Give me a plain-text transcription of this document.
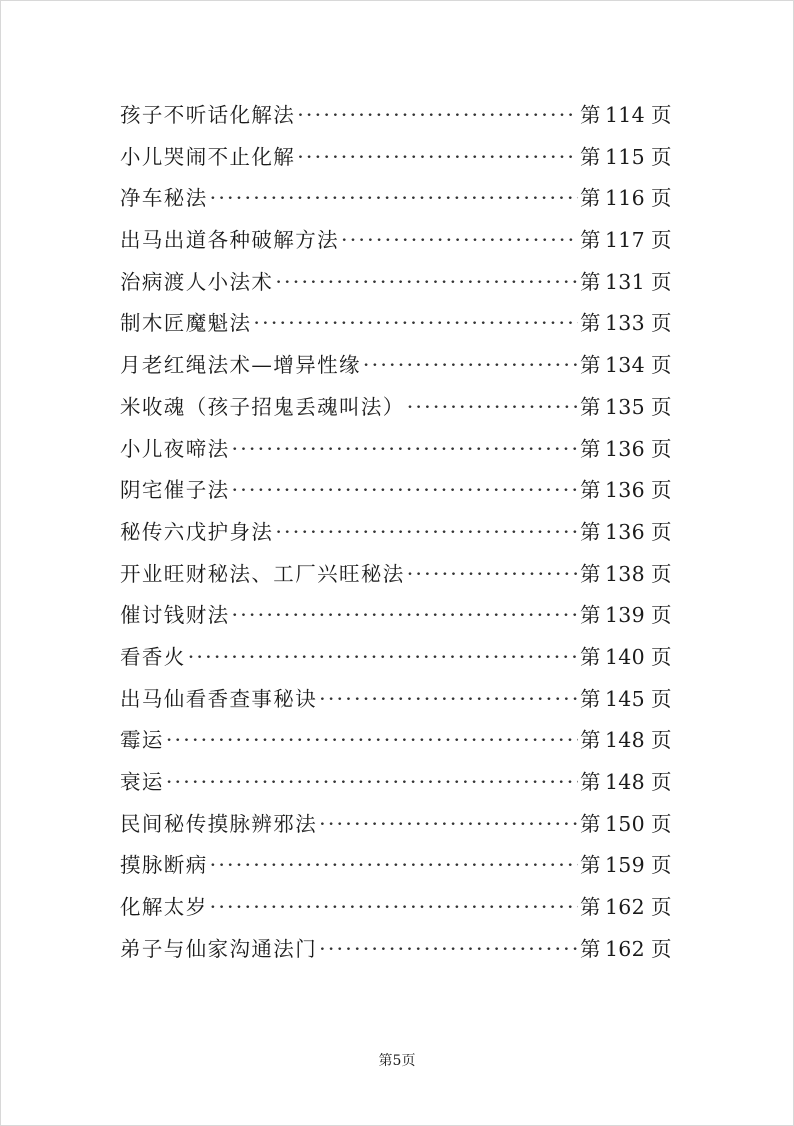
孩子不听话化解法 ·····	第 114 页
小儿哭闹不止化解 ·····	第 115 页
净车秘法 ·····	第 116 页
出马出道各种破解方法 ·····	第 117 页
治病渡人小法术 ·····	第 131 页
制木匠魔魁法 ·····	第 133 页
月老红绳法术—增异性缘 ·····	第 134 页
米收魂（孩子招鬼丢魂叫法） ·····	第 135 页
小儿夜啼法 ·····	第 136 页
阴宅催子法 ·····	第 136 页
秘传六戊护身法 ·····	第 136 页
开业旺财秘法、工厂兴旺秘法 ·····	第 138 页
催讨钱财法 ·····	第 139 页
看香火 ·····	第 140 页
出马仙看香查事秘诀 ·····	第 145 页
霉运 ·····	第 148 页
衰运 ·····	第 148 页
民间秘传摸脉辨邪法 ·····	第 150 页
摸脉断病 ·····	第 159 页
化解太岁 ·····	第 162 页
弟子与仙家沟通法门 ·····	第 162 页
第5页
